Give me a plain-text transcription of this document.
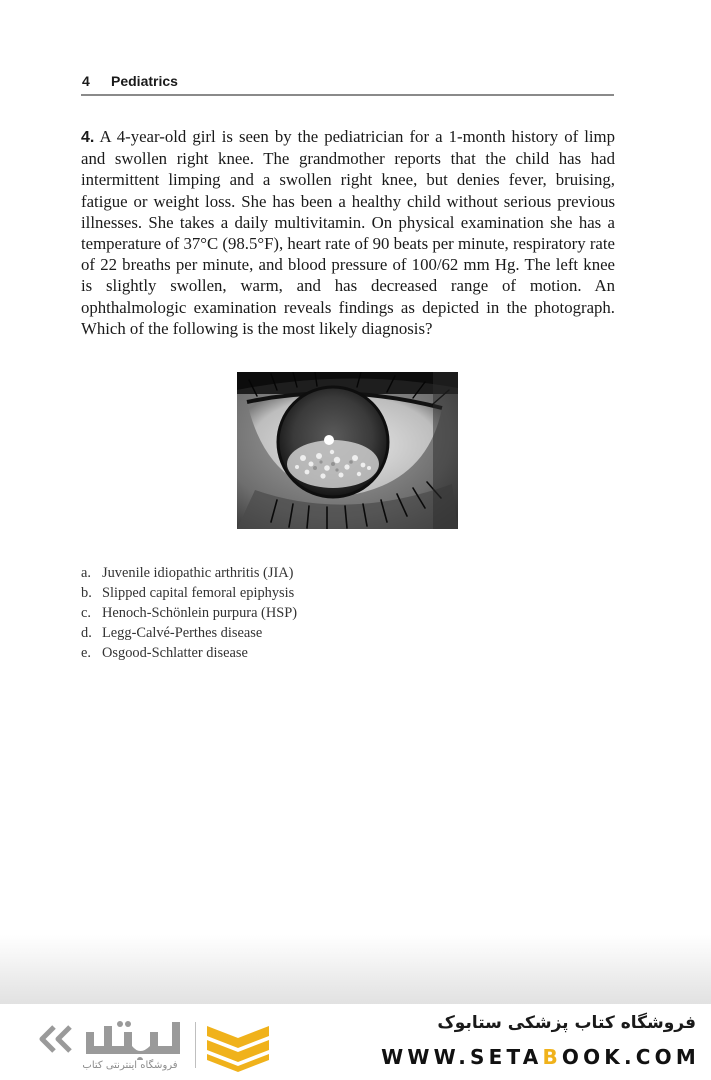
4 Pediatrics

4. A 4-year-old girl is seen by the pediatrician for a 1-month history of limp and swollen right knee. The grandmother reports that the child has had intermittent limping and a swollen right knee, but denies fever, bruising, fatigue or weight loss. She has been a healthy child without serious previous illnesses. She takes a daily multivitamin. On physical examination she has a temperature of 37°C (98.5°F), heart rate of 90 beats per minute, respiratory rate of 22 breaths per minute, and blood pressure of 100/62 mm Hg. The left knee is slightly swollen, warm, and has decreased range of motion. An ophthalmologic examination reveals findings as depicted in the photograph. Which of the following is the most likely diagnosis?

a. Juvenile idiopathic arthritis (JIA)
b. Slipped capital femoral epiphysis
c. Henoch-Schönlein purpura (HSP)
d. Legg-Calvé-Perthes disease
e. Osgood-Schlatter disease
فروشگاه اینترنتی کتاب
فروشگاه کتاب پزشکی ستابوک
WWW.SETABOOK.COM
